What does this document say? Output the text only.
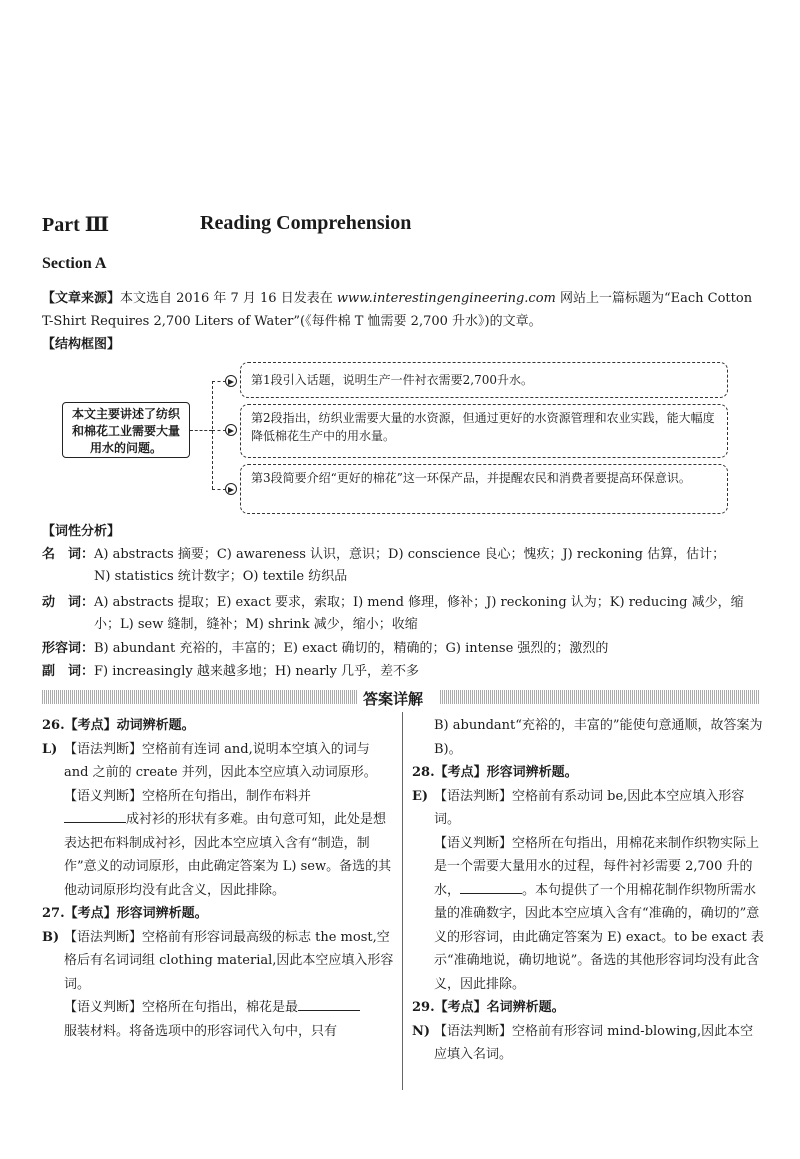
Part Ⅲ	Reading Comprehension
Section A
【文章来源】本文选自 2016 年 7 月 16 日发表在 www.interestingengineering.com 网站上一篇标题为“Each Cotton
T-Shirt Requires 2,700 Liters of Water”(《每件棉 T 恤需要 2,700 升水》)的文章。
【结构框图】
本文主要讲述了纺织和棉花工业需要大量用水的问题。
第1段引入话题，说明生产一件衬衣需要2,700升水。
第2段指出，纺织业需要大量的水资源，但通过更好的水资源管理和农业实践，能大幅度降低棉花生产中的用水量。
第3段简要介绍“更好的棉花”这一环保产品，并提醒农民和消费者要提高环保意识。
【词性分析】
名　词：A) abstracts 摘要；C) awareness 认识，意识；D) conscience 良心；愧疚；J) reckoning 估算，估计；

N) statistics 统计数字；O) textile 纺织品
动　词：A) abstracts 提取；E) exact 要求，索取；I) mend 修理，修补；J) reckoning 认为；K) reducing 减少，缩

小；L) sew 缝制，缝补；M) shrink 减少，缩小；收缩
形容词：B) abundant 充裕的，丰富的；E) exact 确切的，精确的；G) intense 强烈的；激烈的
副　词：F) increasingly 越来越多地；H) nearly 几乎，差不多
答案详解

26.【考点】动词辨析题。

L) 【语法判断】空格前有连词 and,说明本空填入的词与 and 之前的 create 并列，因此本空应填入动词原形。

【语义判断】空格所在句指出，制作布料并
成衬衫的形状有多难。由句意可知，此处是想表达把布料制成衬衫，因此本空应填入含有“制造，制作”意义的动词原形，由此确定答案为 L) sew。备选的其他动词原形均没有此含义，因此排除。

27.【考点】形容词辨析题。

B) 【语法判断】空格前有形容词最高级的标志 the most,空格后有名词词组 clothing material,因此本空应填入形容词。

【语义判断】空格所在句指出，棉花是最
服装材料。将备选项中的形容词代入句中，只有

B) abundant“充裕的，丰富的”能使句意通顺，故答案为 B)。

28.【考点】形容词辨析题。

E) 【语法判断】空格前有系动词 be,因此本空应填入形容词。

【语义判断】空格所在句指出，用棉花来制作织物实际上是一个需要大量用水的过程，每件衬衫需要 2,700 升的水，	。本句提供了一个用棉花制作织物所需水量的准确数字，因此本空应填入含有“准确的，确切的”意义的形容词，由此确定答案为 E) exact。to be exact 表示“准确地说，确切地说”。备选的其他形容词均没有此含义，因此排除。

29.【考点】名词辨析题。

N) 【语法判断】空格前有形容词 mind-blowing,因此本空应填入名词。
